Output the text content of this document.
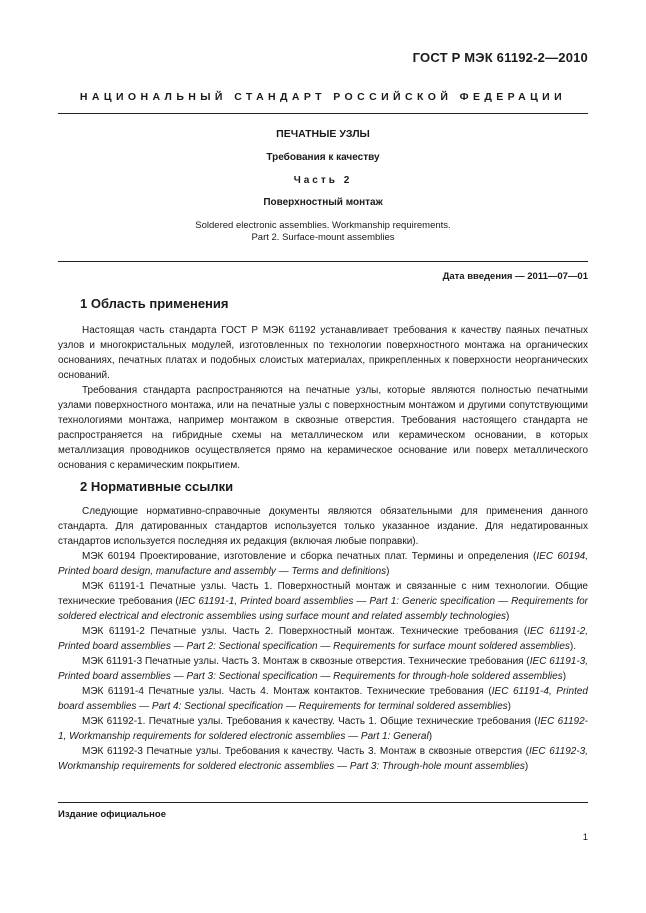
ГОСТ Р МЭК 61192-2—2010
НАЦИОНАЛЬНЫЙ СТАНДАРТ РОССИЙСКОЙ ФЕДЕРАЦИИ
ПЕЧАТНЫЕ УЗЛЫ
Требования к качеству
Часть 2
Поверхностный монтаж
Soldered electronic assemblies. Workmanship requirements.
Part 2. Surface-mount assemblies
Дата введения — 2011—07—01
1 Область применения

Настоящая часть стандарта ГОСТ Р МЭК 61192 устанавливает требования к качеству паяных печатных узлов и многокристальных модулей, изготовленных по технологии поверхностного монтажа на органических основаниях, печатных платах и подобных слоистых материалах, прикрепленных к поверхности неорганических оснований.

Требования стандарта распространяются на печатные узлы, которые являются полностью печатными узлами поверхностного монтажа, или на печатные узлы с поверхностным монтажом и другими сопутствующими технологиями монтажа, например монтажом в сквозные отверстия. Требования настоящего стандарта не распространяется на гибридные схемы на металлическом или керамическом основании, в которых металлизация проводников осуществляется прямо на керамическое основание или поверх металлического основания с керамическим покрытием.

2 Нормативные ссылки

Следующие нормативно-справочные документы являются обязательными для применения данного стандарта. Для датированных стандартов используется только указанное издание. Для недатированных стандартов используется последняя их редакция (включая любые поправки).

МЭК 60194 Проектирование, изготовление и сборка печатных плат. Термины и определения (IEC 60194, Printed board design, manufacture and assembly — Terms and definitions)

МЭК 61191-1 Печатные узлы. Часть 1. Поверхностный монтаж и связанные с ним технологии. Общие технические требования (IEC 61191-1, Printed board assemblies — Part 1: Generic specification — Requirements for soldered electrical and electronic assemblies using surface mount and related assembly technologies)

МЭК 61191-2 Печатные узлы. Часть 2. Поверхностный монтаж. Технические требования (IEC 61191-2, Printed board assemblies — Part 2: Sectional specification — Requirements for surface mount soldered assemblies).

МЭК 61191-3 Печатные узлы. Часть 3. Монтаж в сквозные отверстия. Технические требования (IEC 61191-3, Printed board assemblies — Part 3: Sectional specification — Requirements for through-hole soldered assemblies)

МЭК 61191-4 Печатные узлы. Часть 4. Монтаж контактов. Технические требования (IEC 61191-4, Printed board assemblies — Part 4: Sectional specification — Requirements for terminal soldered assemblies)

МЭК 61192-1. Печатные узлы. Требования к качеству. Часть 1. Общие технические требования (IEC 61192-1, Workmanship requirements for soldered electronic assemblies — Part 1: General)

МЭК 61192-3 Печатные узлы. Требования к качеству. Часть 3. Монтаж в сквозные отверстия (IEC 61192-3, Workmanship requirements for soldered electronic assemblies — Part 3: Through-hole mount assemblies)

Издание официальное
1
